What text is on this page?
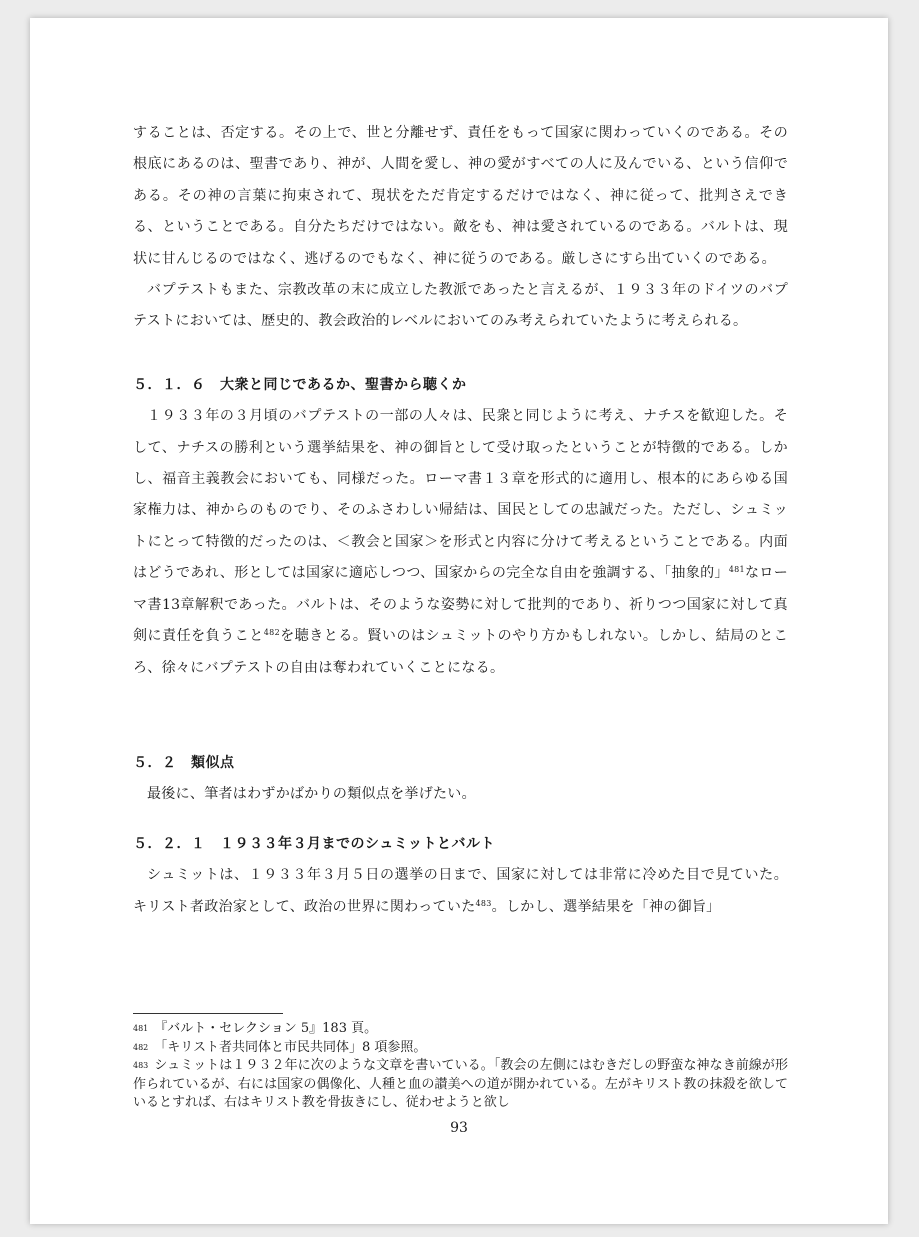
することは、否定する。その上で、世と分離せず、責任をもって国家に関わっていくのである。その根底にあるのは、聖書であり、神が、人間を愛し、神の愛がすべての人に及んでいる、という信仰である。その神の言葉に拘束されて、現状をただ肯定するだけではなく、神に従って、批判さえできる、ということである。自分たちだけではない。敵をも、神は愛されているのである。バルトは、現状に甘んじるのではなく、逃げるのでもなく、神に従うのである。厳しさにすら出ていくのである。

バプテストもまた、宗教改革の末に成立した教派であったと言えるが、１９３３年のドイツのバプテストにおいては、歴史的、教会政治的レベルにおいてのみ考えられていたように考えられる。

５．１．６　大衆と同じであるか、聖書から聴くか

１９３３年の３月頃のバプテストの一部の人々は、民衆と同じように考え、ナチスを歓迎した。そして、ナチスの勝利という選挙結果を、神の御旨として受け取ったということが特徴的である。しかし、福音主義教会においても、同様だった。ローマ書１３章を形式的に適用し、根本的にあらゆる国家権力は、神からのものでり、そのふさわしい帰結は、国民としての忠誠だった。ただし、シュミットにとって特徴的だったのは、＜教会と国家＞を形式と内容に分けて考えるということである。内面はどうであれ、形としては国家に適応しつつ、国家からの完全な自由を強調する、「抽象的」$^{481}$なローマ書13章解釈であった。バルトは、そのような姿勢に対して批判的であり、祈りつつ国家に対して真剣に責任を負うこと$^{482}$を聴きとる。賢いのはシュミットのやり方かもしれない。しかし、結局のところ、徐々にバプテストの自由は奪われていくことになる。

５．２　類似点

最後に、筆者はわずかばかりの類似点を挙げたい。

５．２．１　１９３３年３月までのシュミットとバルト

シュミットは、１９３３年３月５日の選挙の日まで、国家に対しては非常に冷めた目で見ていた。キリスト者政治家として、政治の世界に関わっていた$^{483}$。しかし、選挙結果を「神の御旨」

481 『バルト・セレクション 5』183 頁。

482 「キリスト者共同体と市民共同体」8 項参照。

483 シュミットは１９３２年に次のような文章を書いている。「教会の左側にはむきだしの野蛮な神なき前線が形作られているが、右には国家の偶像化、人種と血の讃美への道が開かれている。左がキリスト教の抹殺を欲しているとすれば、右はキリスト教を骨抜きにし、従わせようと欲し

93
